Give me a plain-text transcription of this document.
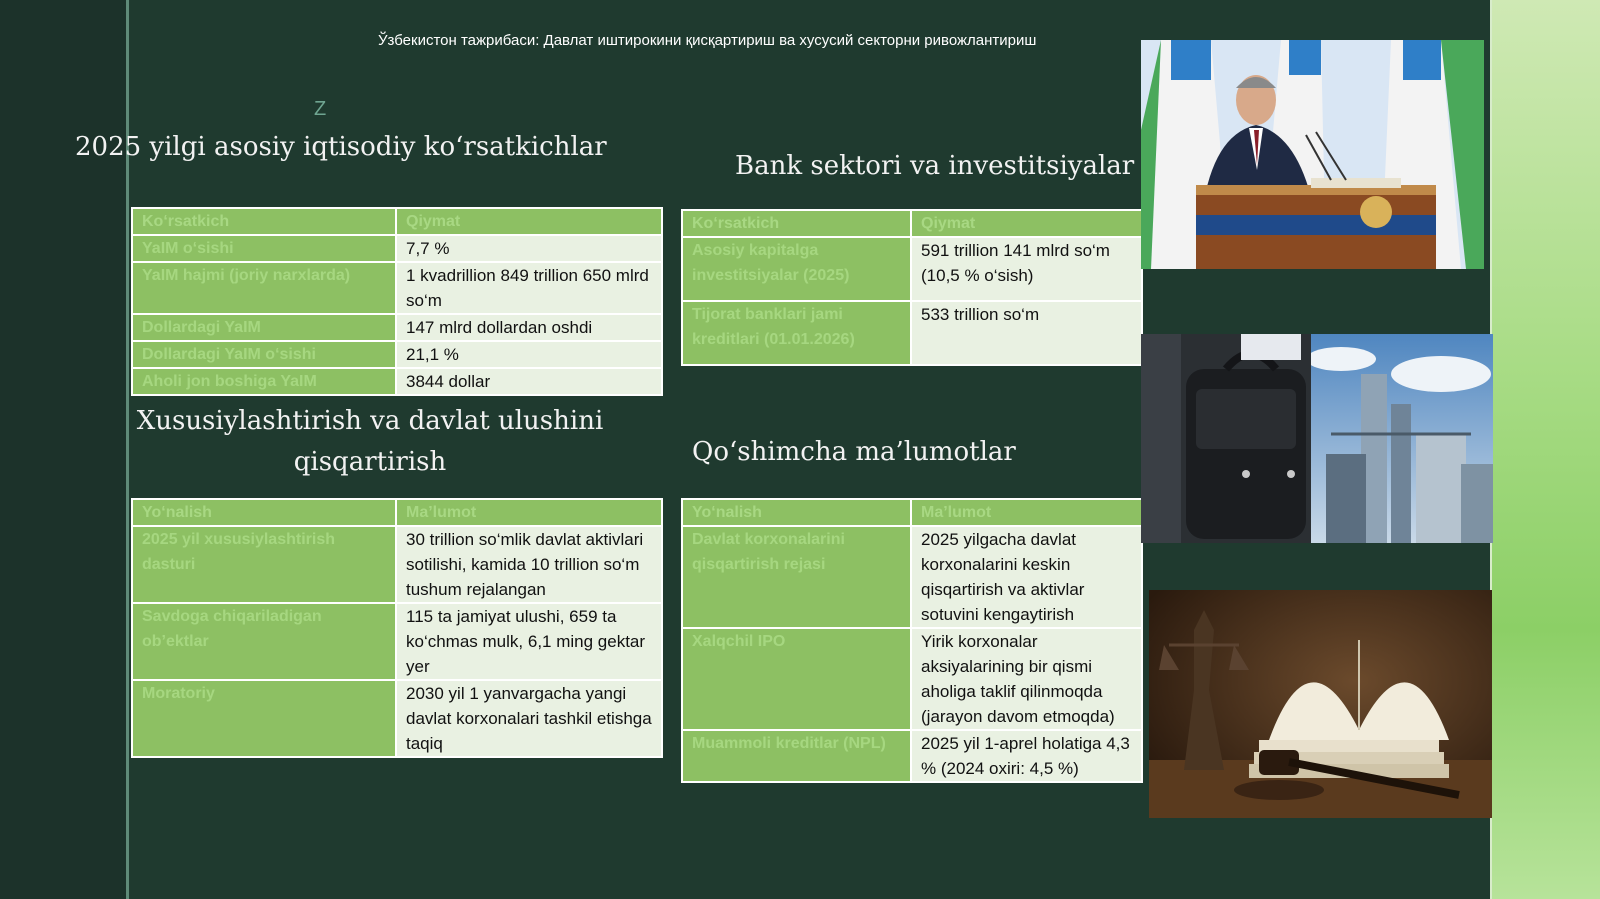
Ўзбекистон тажрибаси: Давлат иштирокини қисқартириш ва хусусий секторни ривожлантириш
Z
2025 yilgi asosiy iqtisodiy ko‘rsatkichlar
Bank sektori va investitsiyalar
Xususiylashtirish va davlat ulushini qisqartirish	Qo‘shimcha ma’lumotlar
Ko‘rsatkich	Qiymat
YaIM o‘sishi	7,7 %
YaIM hajmi (joriy narxlarda)	1 kvadrillion 849 trillion 650 mlrd so‘m
Dollardagi YaIM	147 mlrd dollardan oshdi
Dollardagi YaIM o‘sishi	21,1 %
Aholi jon boshiga YaIM	3844 dollar
Ko‘rsatkich	Qiymat
Asosiy kapitalga investitsiyalar (2025)	591 trillion 141 mlrd so‘m (10,5 % o‘sish)
Tijorat banklari jami kreditlari (01.01.2026)	533 trillion so‘m
Yo‘nalish	Ma’lumot
2025 yil xususiylashtirish dasturi	30 trillion so‘mlik davlat aktivlari sotilishi, kamida 10 trillion so‘m tushum rejalangan
Savdoga chiqariladigan ob’ektlar	115 ta jamiyat ulushi, 659 ta ko‘chmas mulk, 6,1 ming gektar yer
Moratoriy	2030 yil 1 yanvargacha yangi davlat korxonalari tashkil etishga taqiq
Yo‘nalish	Ma’lumot
Davlat korxonalarini qisqartirish rejasi	2025 yilgacha davlat korxonalarini keskin qisqartirish va aktivlar sotuvini kengaytirish
Xalqchil IPO	Yirik korxonalar aksiyalarining bir qismi aholiga taklif qilinmoqda (jarayon davom etmoqda)
Muammoli kreditlar (NPL)	2025 yil 1-aprel holatiga 4,3 % (2024 oxiri: 4,5 %)
